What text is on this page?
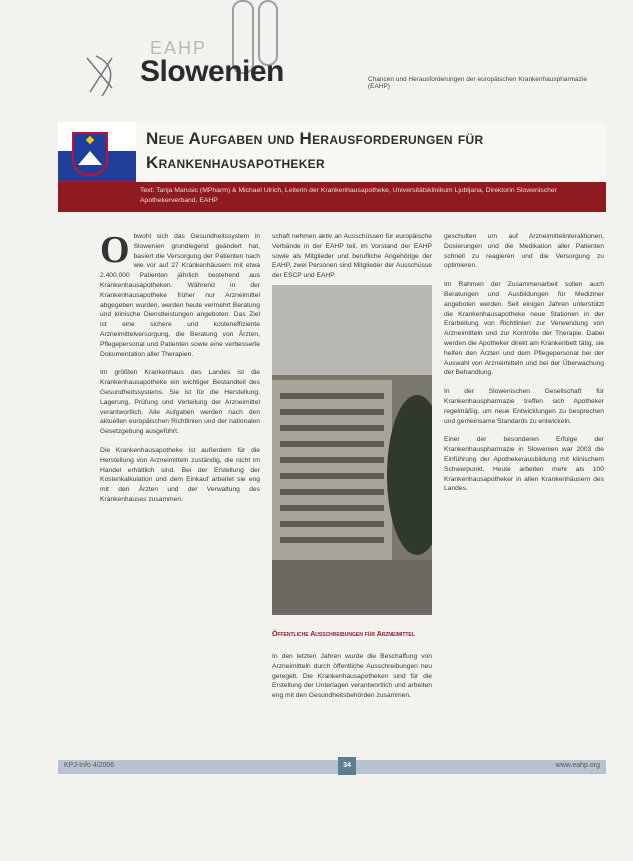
EAHP
Slowenien	Chancen und Herausforderungen der europäischen Krankenhauspharmazie (EAHP)
Neue Aufgaben und Herausforderungen für Krankenhausapotheker
Text: Tanja Marusic (MPharm) & Michael Ulrich, Leiterin der Krankenhausapotheke, Universitätsklinikum Ljubljana, Direktorin Slowenischer Apothekerverband, EAHP

Obwohl sich das Gesundheitssystem in Slowenien grundlegend geändert hat, basiert die Versorgung der Patienten nach wie vor auf 27 Krankenhäusern mit etwa 2.400.000 Patienten jährlich bestehend aus Krankenhausapotheken. Während in der Krankenhausapotheke früher nur Arzneimittel abgegeben wurden, werden heute vermehrt Beratung und klinische Dienstleistungen angeboten. Das Ziel ist eine sichere und kosteneffiziente Arzneimittelversorgung, die Beratung von Ärzten, Pflegepersonal und Patienten sowie eine verbesserte Dokumentation aller Therapien.

Im größten Krankenhaus des Landes ist die Krankenhausapotheke ein wichtiger Bestandteil des Gesundheitssystems. Sie ist für die Herstellung, Lagerung, Prüfung und Verteilung der Arzneimittel verantwortlich. Alle Aufgaben werden nach den aktuellen europäischen Richtlinien und der nationalen Gesetzgebung ausgeführt.

Die Krankenhausapotheke ist außerdem für die Herstellung von Arzneimitteln zuständig, die nicht im Handel erhältlich sind. Bei der Erstellung der Kostenkalkulation und dem Einkauf arbeitet sie eng mit den Ärzten und der Verwaltung des Krankenhauses zusammen.

schaft nehmen aktiv an Ausschüssen für europäische Verbände in der EAHP teil, im Vorstand der EAHP sowie als Mitglieder und berufliche Angehörige der EAHP, zwei Personen sind Mitglieder der Ausschüsse der ESCP und EAHP.

Öffentliche Ausschreibungen für Arzneimittel

In den letzten Jahren wurde die Beschaffung von Arzneimitteln durch öffentliche Ausschreibungen neu geregelt. Die Krankenhausapotheken sind für die Erstellung der Unterlagen verantwortlich und arbeiten eng mit den Gesundheitsbehörden zusammen.

geschulten um auf Arzneimittelinteraktionen, Dosierungen und die Medikation aller Patienten schnell zu reagieren und die Versorgung zu optimieren.

Im Rahmen der Zusammenarbeit sollen auch Beratungen und Ausbildungen für Mediziner angeboten werden. Seit einigen Jahren unterstützt die Krankenhausapotheke neue Stationen in der Erarbeitung von Richtlinien zur Verwendung von Arzneimitteln und zur Kontrolle der Therapie. Dabei werden die Apotheker direkt am Krankenbett tätig, sie helfen den Ärzten und dem Pflegepersonal bei der Auswahl von Arzneimitteln und bei der Überwachung der Behandlung.

In der Slowenischen Gesellschaft für Krankenhauspharmazie treffen sich Apotheker regelmäßig, um neue Entwicklungen zu besprechen und gemeinsame Standards zu entwickeln.

Einer der besonderen Erfolge der Krankenhauspharmazie in Slowenien war 2003 die Einführung der Apothekerausbildung mit klinischem Schwerpunkt. Heute arbeiten mehr als 100 Krankenhausapotheker in allen Krankenhäusern des Landes.

KPJ-Info 4/2006	www.eahp.org
34
